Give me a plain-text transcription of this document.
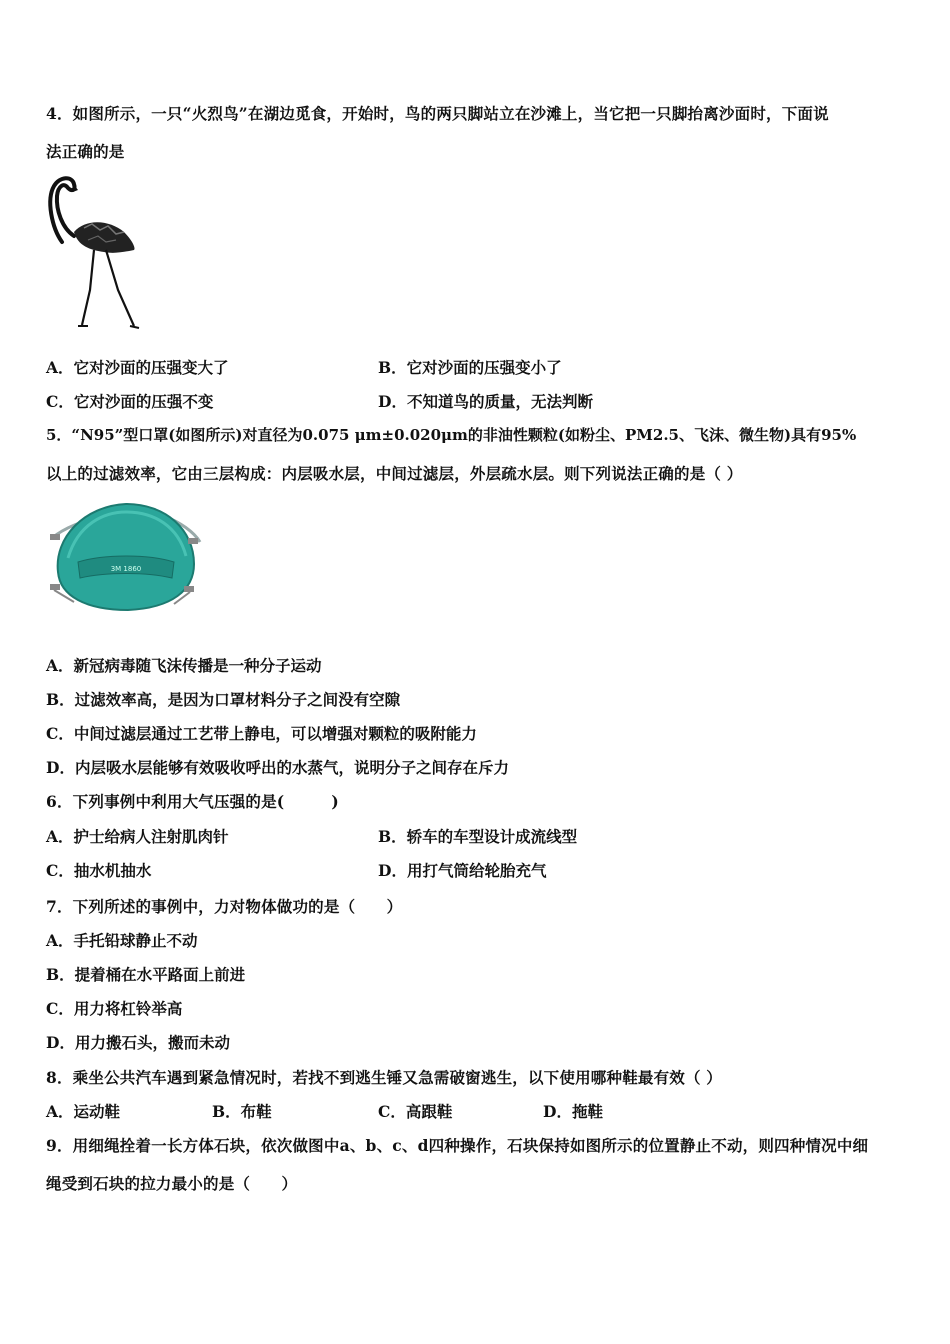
4．如图所示，一只“火烈鸟”在湖边觅食，开始时，鸟的两只脚站立在沙滩上，当它把一只脚抬离沙面时，下面说
法正确的是
A．它对沙面的压强变大了	B．它对沙面的压强变小了
C．它对沙面的压强不变	D．不知道鸟的质量，无法判断
5．“N95”型口罩(如图所示)对直径为0.075 μm±0.020μm的非油性颗粒(如粉尘、PM2.5、飞沫、微生物)具有95%
以上的过滤效率，它由三层构成：内层吸水层，中间过滤层，外层疏水层。则下列说法正确的是（ ）
3M 1860
A．新冠病毒随飞沫传播是一种分子运动
B．过滤效率高，是因为口罩材料分子之间没有空隙
C．中间过滤层通过工艺带上静电，可以增强对颗粒的吸附能力
D．内层吸水层能够有效吸收呼出的水蒸气，说明分子之间存在斥力
6．下列事例中利用大气压强的是(　　　)
A．护士给病人注射肌肉针	B．轿车的车型设计成流线型
C．抽水机抽水	D．用打气筒给轮胎充气
7．下列所述的事例中，力对物体做功的是（　　）
A．手托铅球静止不动
B．提着桶在水平路面上前进
C．用力将杠铃举高
D．用力搬石头，搬而未动
8．乘坐公共汽车遇到紧急情况时，若找不到逃生锤又急需破窗逃生，以下使用哪种鞋最有效（ ）
A．运动鞋	B．布鞋	C．高跟鞋	D．拖鞋
9．用细绳拴着一长方体石块，依次做图中a、b、c、d四种操作，石块保持如图所示的位置静止不动，则四种情况中细
绳受到石块的拉力最小的是（　　）
